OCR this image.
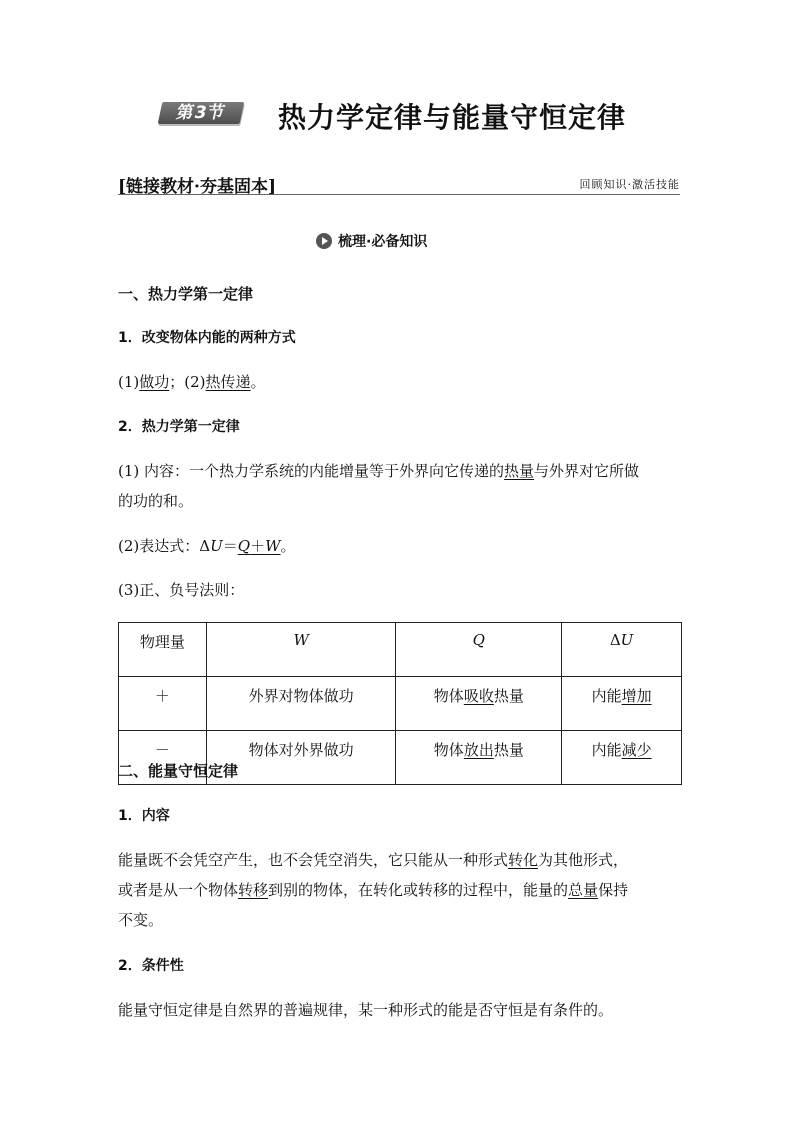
第3节	热力学定律与能量守恒定律
[链接教材·夯基固本]	回顾知识·激活技能
梳理·必备知识
一、热力学第一定律
1．改变物体内能的两种方式
(1)做功；(2)热传递。
2．热力学第一定律
(1) 内容：一个热力学系统的内能增量等于外界向它传递的热量与外界对它所做
的功的和。
(2)表达式：ΔU＝Q＋W。
(3)正、负号法则：
物理量	W	Q	ΔU
＋	外界对物体做功	物体吸收热量	内能增加
－	物体对外界做功	物体放出热量	内能减少
二、能量守恒定律
1．内容
能量既不会凭空产生，也不会凭空消失，它只能从一种形式转化为其他形式，
或者是从一个物体转移到别的物体，在转化或转移的过程中，能量的总量保持
不变。
2．条件性
能量守恒定律是自然界的普遍规律，某一种形式的能是否守恒是有条件的。
